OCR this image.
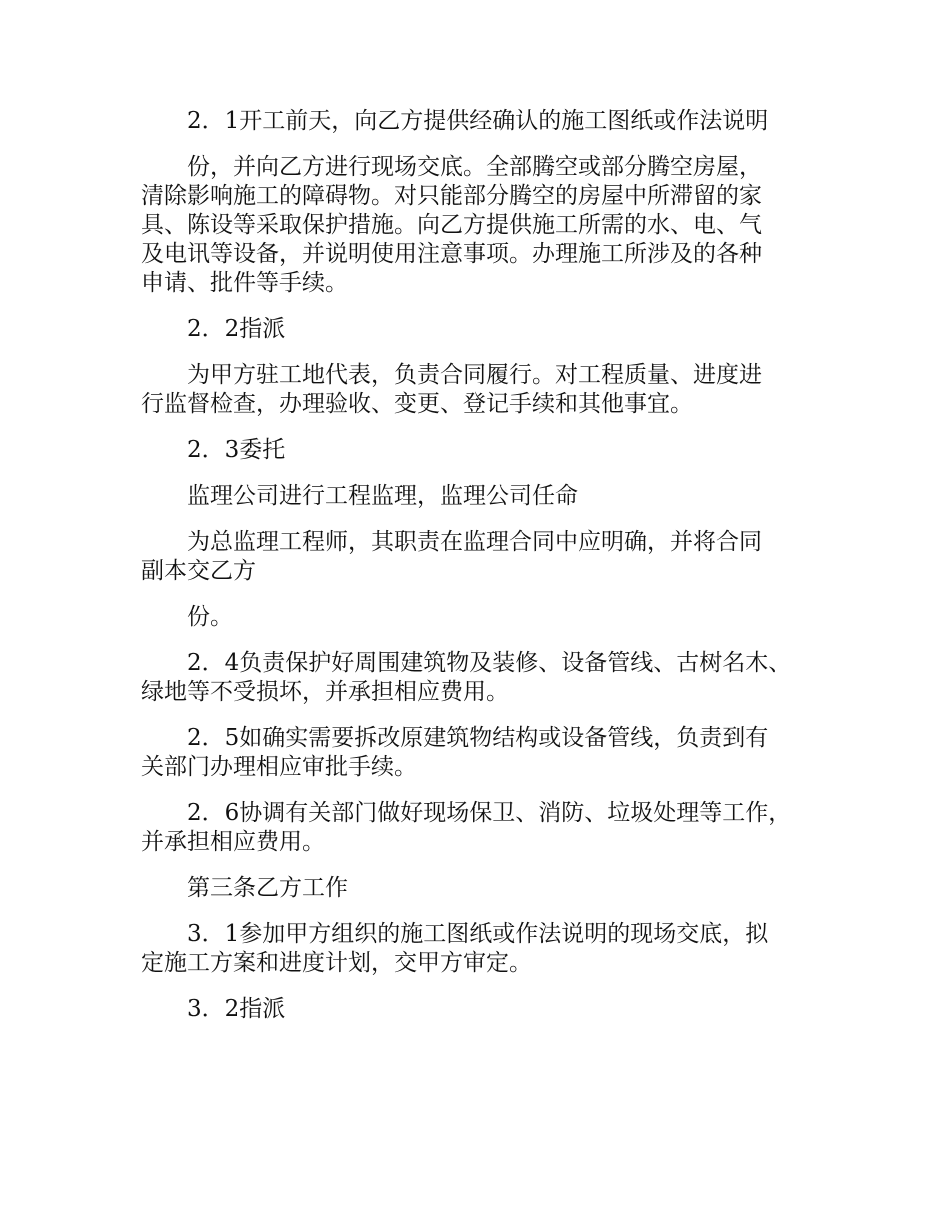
2．1开工前天，向乙方提供经确认的施工图纸或作法说明

份，并向乙方进行现场交底。全部腾空或部分腾空房屋，
清除影响施工的障碍物。对只能部分腾空的房屋中所滞留的家
具、陈设等采取保护措施。向乙方提供施工所需的水、电、气
及电讯等设备，并说明使用注意事项。办理施工所涉及的各种
申请、批件等手续。

2．2指派

为甲方驻工地代表，负责合同履行。对工程质量、进度进
行监督检查，办理验收、变更、登记手续和其他事宜。

2．3委托

监理公司进行工程监理，监理公司任命

为总监理工程师，其职责在监理合同中应明确，并将合同
副本交乙方

份。

2．4负责保护好周围建筑物及装修、设备管线、古树名木、
绿地等不受损坏，并承担相应费用。

2．5如确实需要拆改原建筑物结构或设备管线，负责到有
关部门办理相应审批手续。

2．6协调有关部门做好现场保卫、消防、垃圾处理等工作，
并承担相应费用。

第三条乙方工作

3．1参加甲方组织的施工图纸或作法说明的现场交底，拟
定施工方案和进度计划，交甲方审定。

3．2指派
